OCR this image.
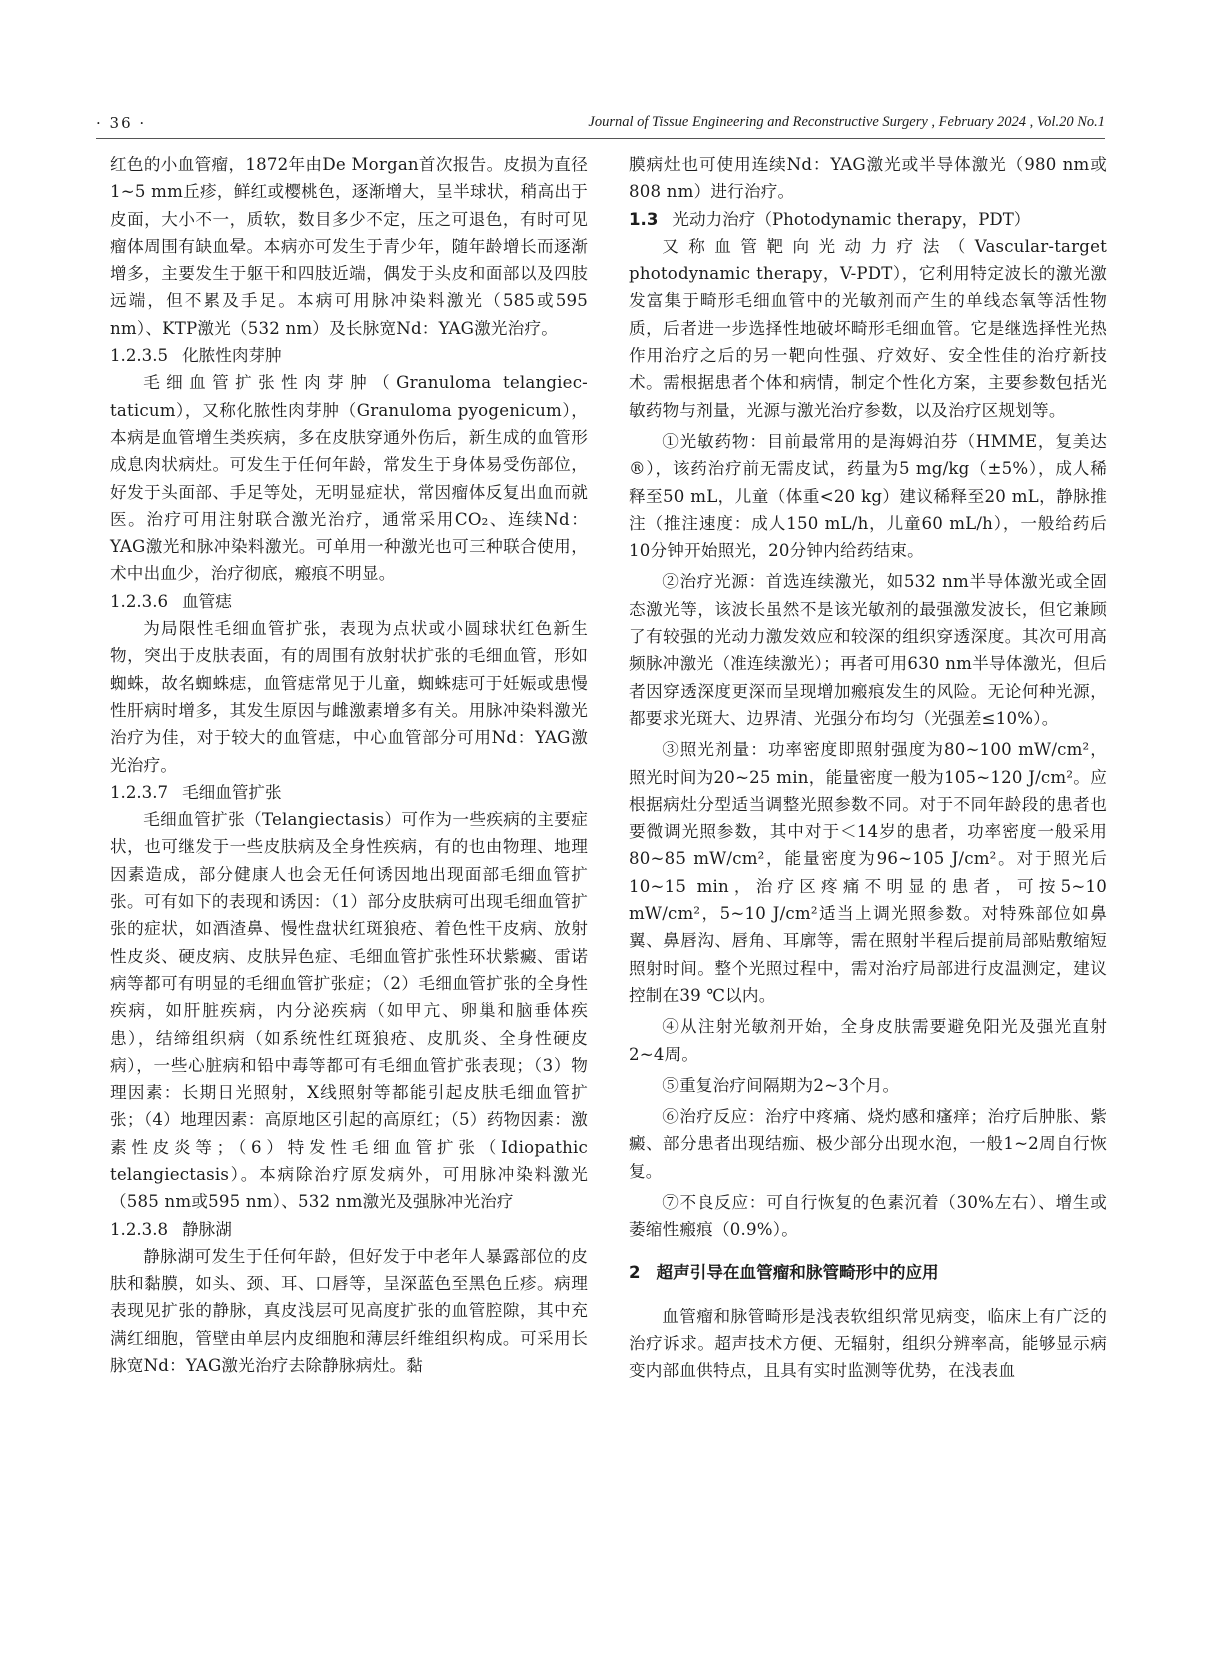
· 36 ·	Journal of Tissue Engineering and Reconstructive Surgery , February 2024 , Vol.20 No.1

红色的小血管瘤，1872年由De Morgan首次报告。皮损为直径1~5 mm丘疹，鲜红或樱桃色，逐渐增大，呈半球状，稍高出于皮面，大小不一，质软，数目多少不定，压之可退色，有时可见瘤体周围有缺血晕。本病亦可发生于青少年，随年龄增长而逐渐增多，主要发生于躯干和四肢近端，偶发于头皮和面部以及四肢远端，但不累及手足。本病可用脉冲染料激光（585或595 nm）、KTP激光（532 nm）及长脉宽Nd：YAG激光治疗。

1.2.3.5 化脓性肉芽肿

毛细血管扩张性肉芽肿（Granuloma telangiec-taticum），又称化脓性肉芽肿（Granuloma pyogenicum），本病是血管增生类疾病，多在皮肤穿通外伤后，新生成的血管形成息肉状病灶。可发生于任何年龄，常发生于身体易受伤部位，好发于头面部、手足等处，无明显症状，常因瘤体反复出血而就医。治疗可用注射联合激光治疗，通常采用CO₂、连续Nd：YAG激光和脉冲染料激光。可单用一种激光也可三种联合使用，术中出血少，治疗彻底，瘢痕不明显。

1.2.3.6 血管痣

为局限性毛细血管扩张，表现为点状或小圆球状红色新生物，突出于皮肤表面，有的周围有放射状扩张的毛细血管，形如蜘蛛，故名蜘蛛痣，血管痣常见于儿童，蜘蛛痣可于妊娠或患慢性肝病时增多，其发生原因与雌激素增多有关。用脉冲染料激光治疗为佳，对于较大的血管痣，中心血管部分可用Nd：YAG激光治疗。

1.2.3.7 毛细血管扩张

毛细血管扩张（Telangiectasis）可作为一些疾病的主要症状，也可继发于一些皮肤病及全身性疾病，有的也由物理、地理因素造成，部分健康人也会无任何诱因地出现面部毛细血管扩张。可有如下的表现和诱因：（1）部分皮肤病可出现毛细血管扩张的症状，如酒渣鼻、慢性盘状红斑狼疮、着色性干皮病、放射性皮炎、硬皮病、皮肤异色症、毛细血管扩张性环状紫癜、雷诺病等都可有明显的毛细血管扩张症；（2）毛细血管扩张的全身性疾病，如肝脏疾病，内分泌疾病（如甲亢、卵巢和脑垂体疾患），结缔组织病（如系统性红斑狼疮、皮肌炎、全身性硬皮病），一些心脏病和铅中毒等都可有毛细血管扩张表现；（3）物理因素：长期日光照射，X线照射等都能引起皮肤毛细血管扩张；（4）地理因素：高原地区引起的高原红；（5）药物因素：激素性皮炎等；（6）特发性毛细血管扩张（Idiopathic telangiectasis）。本病除治疗原发病外，可用脉冲染料激光（585 nm或595 nm）、532 nm激光及强脉冲光治疗

1.2.3.8 静脉湖

静脉湖可发生于任何年龄，但好发于中老年人暴露部位的皮肤和黏膜，如头、颈、耳、口唇等，呈深蓝色至黑色丘疹。病理表现见扩张的静脉，真皮浅层可见高度扩张的血管腔隙，其中充满红细胞，管壁由单层内皮细胞和薄层纤维组织构成。可采用长脉宽Nd：YAG激光治疗去除静脉病灶。黏

膜病灶也可使用连续Nd：YAG激光或半导体激光（980 nm或808 nm）进行治疗。

1.3 光动力治疗（Photodynamic therapy，PDT）

又称血管靶向光动力疗法（Vascular-target photodynamic therapy，V-PDT），它利用特定波长的激光激发富集于畸形毛细血管中的光敏剂而产生的单线态氧等活性物质，后者进一步选择性地破坏畸形毛细血管。它是继选择性光热作用治疗之后的另一靶向性强、疗效好、安全性佳的治疗新技术。需根据患者个体和病情，制定个性化方案，主要参数包括光敏药物与剂量，光源与激光治疗参数，以及治疗区规划等。

①光敏药物：目前最常用的是海姆泊芬（HMME，复美达®），该药治疗前无需皮试，药量为5 mg/kg（±5%），成人稀释至50 mL，儿童（体重<20 kg）建议稀释至20 mL，静脉推注（推注速度：成人150 mL/h，儿童60 mL/h），一般给药后10分钟开始照光，20分钟内给药结束。

②治疗光源：首选连续激光，如532 nm半导体激光或全固态激光等，该波长虽然不是该光敏剂的最强激发波长，但它兼顾了有较强的光动力激发效应和较深的组织穿透深度。其次可用高频脉冲激光（准连续激光）；再者可用630 nm半导体激光，但后者因穿透深度更深而呈现增加瘢痕发生的风险。无论何种光源，都要求光斑大、边界清、光强分布均匀（光强差≤10%）。

③照光剂量：功率密度即照射强度为80~100 mW/cm²，照光时间为20~25 min，能量密度一般为105~120 J/cm²。应根据病灶分型适当调整光照参数不同。对于不同年龄段的患者也要微调光照参数，其中对于＜14岁的患者，功率密度一般采用80~85 mW/cm²，能量密度为96~105 J/cm²。对于照光后10~15 min，治疗区疼痛不明显的患者，可按5~10 mW/cm²，5~10 J/cm²适当上调光照参数。对特殊部位如鼻翼、鼻唇沟、唇角、耳廓等，需在照射半程后提前局部贴敷缩短照射时间。整个光照过程中，需对治疗局部进行皮温测定，建议控制在39 ℃以内。

④从注射光敏剂开始，全身皮肤需要避免阳光及强光直射2~4周。

⑤重复治疗间隔期为2~3个月。

⑥治疗反应：治疗中疼痛、烧灼感和瘙痒；治疗后肿胀、紫癜、部分患者出现结痂、极少部分出现水泡，一般1~2周自行恢复。

⑦不良反应：可自行恢复的色素沉着（30%左右）、增生或萎缩性瘢痕（0.9%）。

2 超声引导在血管瘤和脉管畸形中的应用

血管瘤和脉管畸形是浅表软组织常见病变，临床上有广泛的治疗诉求。超声技术方便、无辐射，组织分辨率高，能够显示病变内部血供特点，且具有实时监测等优势，在浅表血
